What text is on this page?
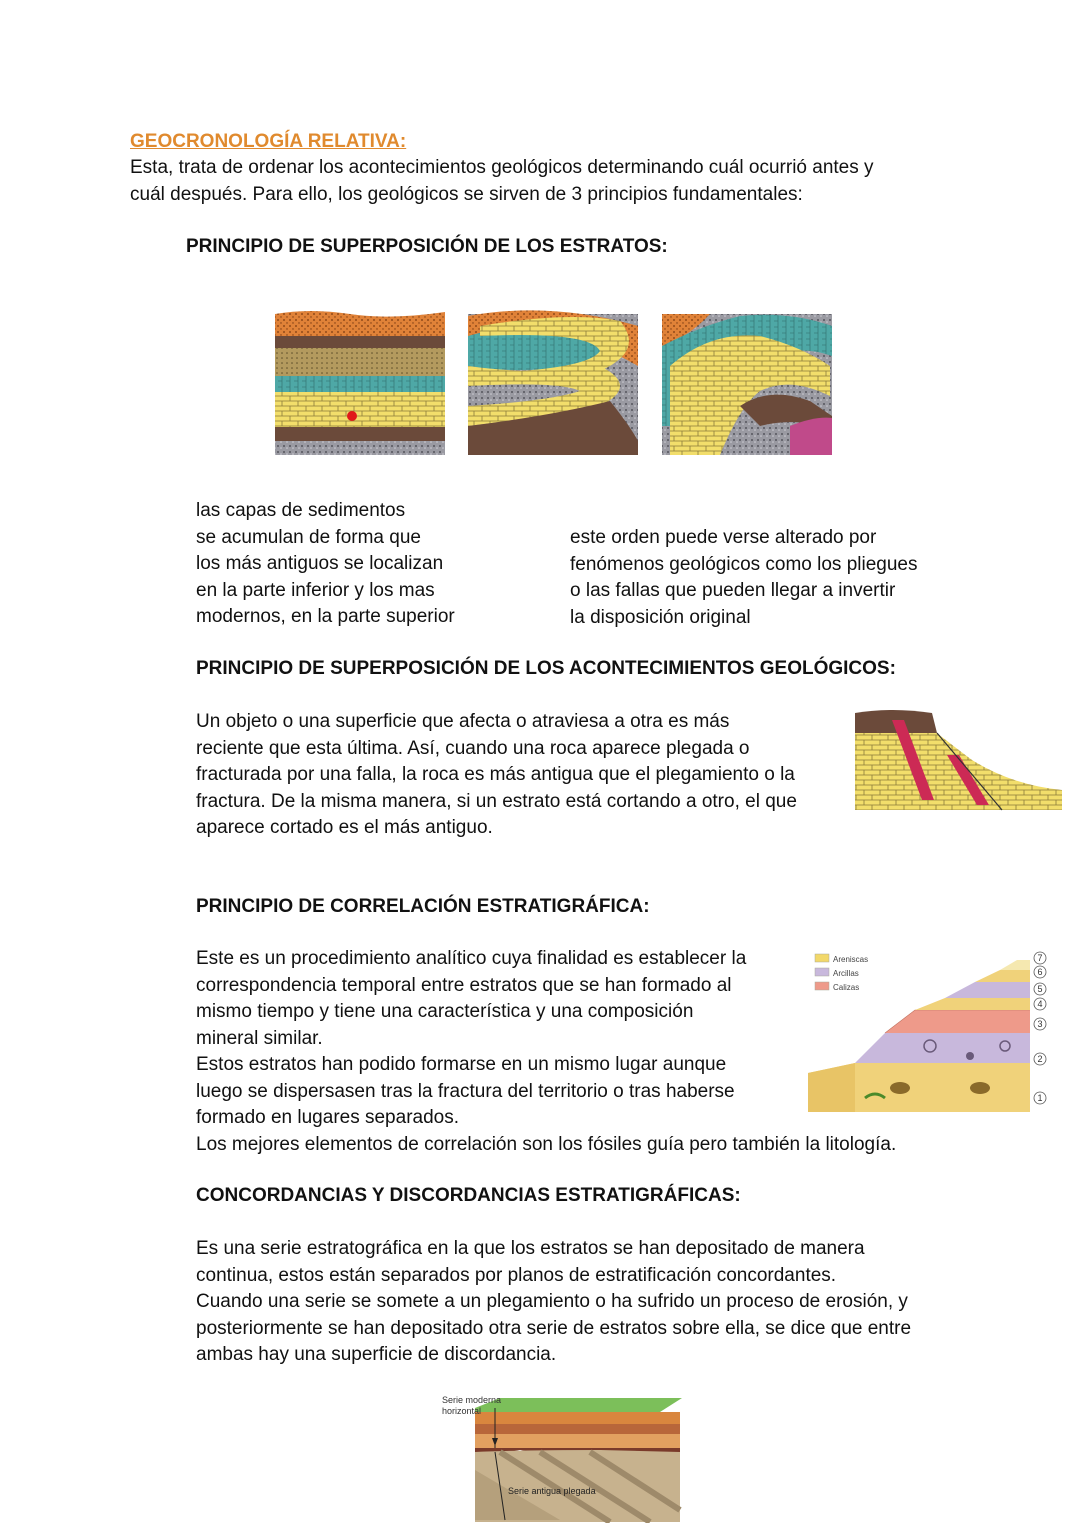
GEOCRONOLOGÍA RELATIVA:
Esta, trata de ordenar los acontecimientos geológicos determinando cuál ocurrió antes y
cuál después. Para ello, los geológicos se sirven de 3 principios fundamentales:
PRINCIPIO DE SUPERPOSICIÓN DE LOS ESTRATOS:
las capas de sedimentos
se acumulan de forma que
los más antiguos se localizan
en la parte inferior y los mas
modernos, en la parte superior
este orden puede verse alterado por
fenómenos geológicos como los pliegues
o las fallas que pueden llegar a invertir
la disposición original
PRINCIPIO DE SUPERPOSICIÓN DE LOS ACONTECIMIENTOS GEOLÓGICOS:
Un objeto o una superficie que afecta o atraviesa a otra es más
reciente que esta última. Así, cuando una roca aparece plegada o
fracturada por una falla, la roca es más antigua que el plegamiento o la
fractura. De la misma manera, si un estrato está cortando a otro, el que
aparece cortado es el más antiguo.
PRINCIPIO DE CORRELACIÓN ESTRATIGRÁFICA:
Este es un procedimiento analítico cuya finalidad es establecer la
correspondencia temporal entre estratos que se han formado al
mismo tiempo y tiene una característica y una composición
mineral similar.
Estos estratos han podido formarse en un mismo lugar aunque
luego se dispersasen tras la fractura del territorio o tras haberse
formado en lugares separados.
Los mejores elementos de correlación son los fósiles guía pero también la litología.
Areniscas
Arcillas
Calizas
7
6
5
4
3
2
1
CONCORDANCIAS Y DISCORDANCIAS ESTRATIGRÁFICAS:
Es una serie estratográfica en la que los estratos se han depositado de manera
continua, estos están separados por planos de estratificación concordantes.
Cuando una serie se somete a un plegamiento o ha sufrido un proceso de erosión, y
posteriormente se han depositado otra serie de estratos sobre ella, se dice que entre
ambas hay una superficie de discordancia.
Serie moderna
horizontal
Serie antigua plegada
